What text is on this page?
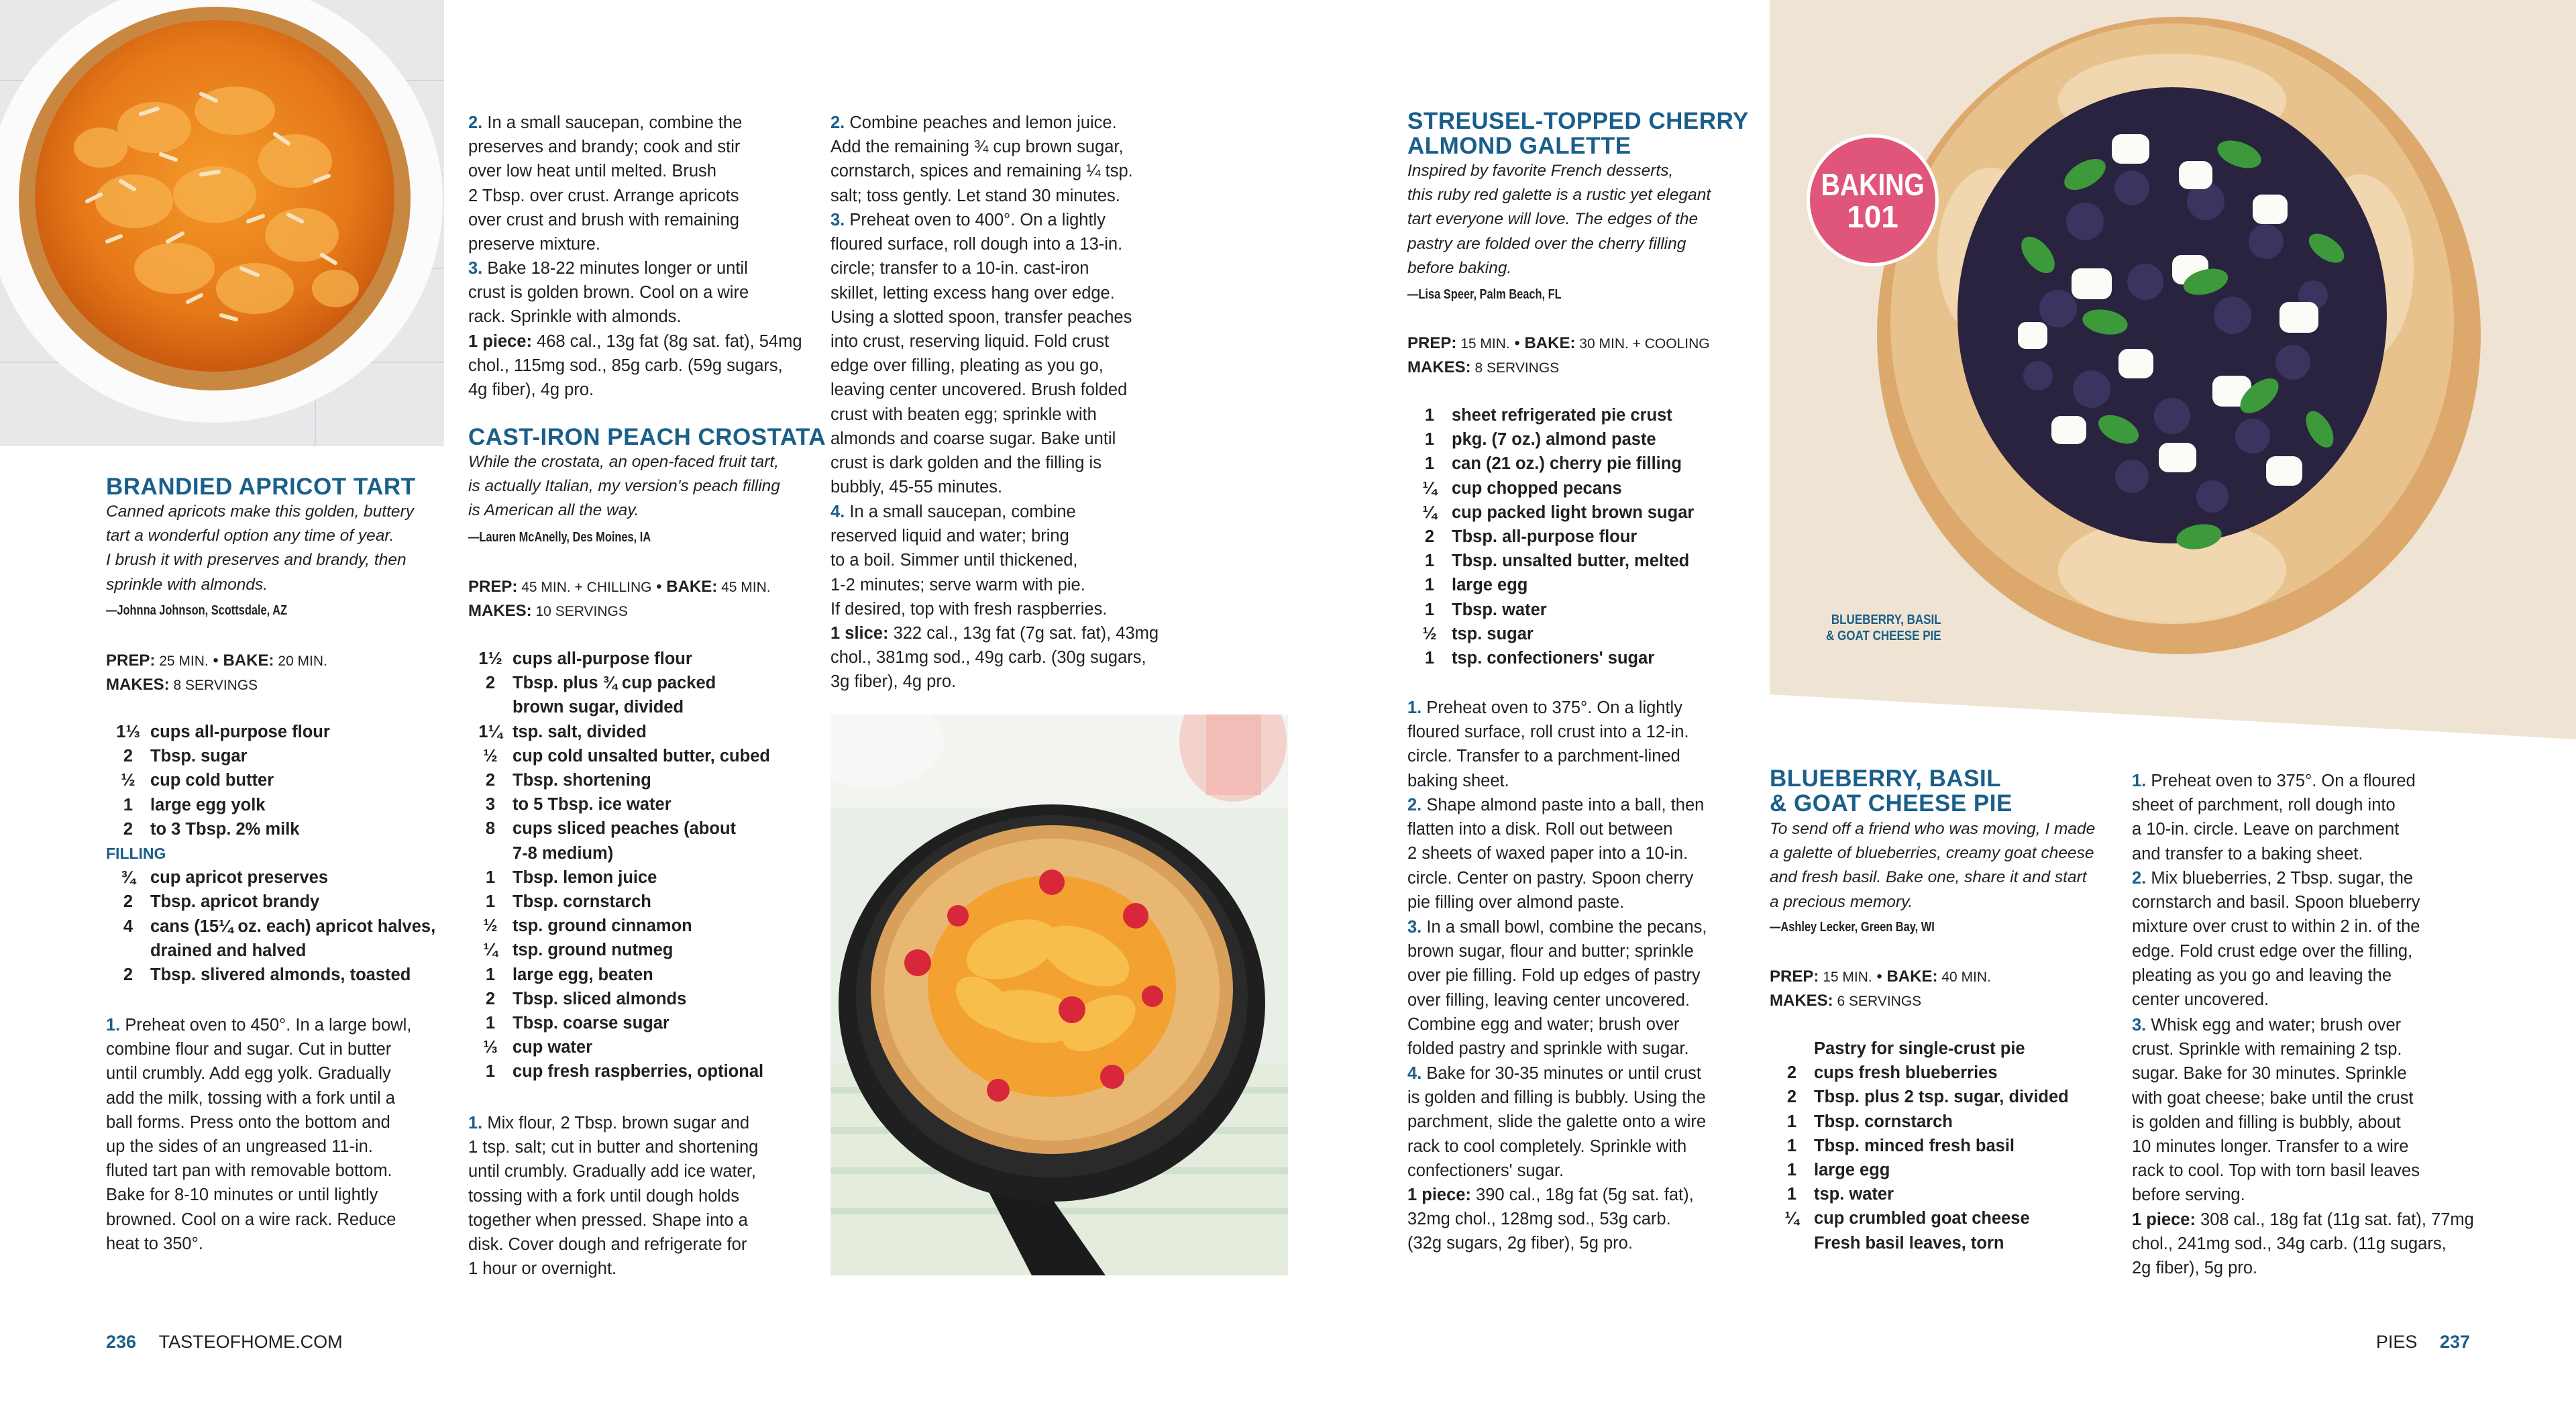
BRANDIED APRICOT TART
Canned apricots make this golden, buttery
tart a wonderful option any time of year.
I brush it with preserves and brandy, then
sprinkle with almonds.
—Johnna Johnson, Scottsdale, AZ
PREP: 25 MIN. • BAKE: 20 MIN.
MAKES: 8 SERVINGS
1⅓ cups all-purpose flour
2	Tbsp. sugar
½ cup cold butter
1	large egg yolk
2	to 3 Tbsp. 2% milk
FILLING
¾ cup apricot preserves
2	Tbsp. apricot brandy
4	cans (15¼ oz. each) apricot halves,
drained and halved
2	Tbsp. slivered almonds, toasted
1. Preheat oven to 450°. In a large bowl,
combine flour and sugar. Cut in butter
until crumbly. Add egg yolk. Gradually
add the milk, tossing with a fork until a
ball forms. Press onto the bottom and
up the sides of an ungreased 11-in.
fluted tart pan with removable bottom.
Bake for 8-10 minutes or until lightly
browned. Cool on a wire rack. Reduce
heat to 350°.
2. In a small saucepan, combine the
preserves and brandy; cook and stir
over low heat until melted. Brush
2 Tbsp. over crust. Arrange apricots
over crust and brush with remaining
preserve mixture.
3. Bake 18-22 minutes longer or until
crust is golden brown. Cool on a wire
rack. Sprinkle with almonds.
1 piece: 468 cal., 13g fat (8g sat. fat), 54mg
chol., 115mg sod., 85g carb. (59g sugars,
4g fiber), 4g pro.
CAST-IRON PEACH CROSTATA
While the crostata, an open-faced fruit tart,
is actually Italian, my version's peach filling
is American all the way.
—Lauren McAnelly, Des Moines, IA
PREP: 45 MIN. + CHILLING • BAKE: 45 MIN.
MAKES: 10 SERVINGS
1½ cups all-purpose flour
2	Tbsp. plus ¾ cup packed
brown sugar, divided
1¼ tsp. salt, divided
½ cup cold unsalted butter, cubed
2	Tbsp. shortening
3	to 5 Tbsp. ice water
8	cups sliced peaches (about
7-8 medium)
1	Tbsp. lemon juice
1	Tbsp. cornstarch
½ tsp. ground cinnamon
¼ tsp. ground nutmeg
1	large egg, beaten
2	Tbsp. sliced almonds
1	Tbsp. coarse sugar
⅓ cup water
1	cup fresh raspberries, optional
1. Mix flour, 2 Tbsp. brown sugar and
1 tsp. salt; cut in butter and shortening
until crumbly. Gradually add ice water,
tossing with a fork until dough holds
together when pressed. Shape into a
disk. Cover dough and refrigerate for
1 hour or overnight.
2. Combine peaches and lemon juice.
Add the remaining ¾ cup brown sugar,
cornstarch, spices and remaining ¼ tsp.
salt; toss gently. Let stand 30 minutes.
3. Preheat oven to 400°. On a lightly
floured surface, roll dough into a 13-in.
circle; transfer to a 10-in. cast-iron
skillet, letting excess hang over edge.
Using a slotted spoon, transfer peaches
into crust, reserving liquid. Fold crust
edge over filling, pleating as you go,
leaving center uncovered. Brush folded
crust with beaten egg; sprinkle with
almonds and coarse sugar. Bake until
crust is dark golden and the filling is
bubbly, 45-55 minutes.
4. In a small saucepan, combine
reserved liquid and water; bring
to a boil. Simmer until thickened,
1-2 minutes; serve warm with pie.
If desired, top with fresh raspberries.
1 slice: 322 cal., 13g fat (7g sat. fat), 43mg
chol., 381mg sod., 49g carb. (30g sugars,
3g fiber), 4g pro.
STREUSEL-TOPPED CHERRY
ALMOND GALETTE
Inspired by favorite French desserts,
this ruby red galette is a rustic yet elegant
tart everyone will love. The edges of the
pastry are folded over the cherry filling
before baking.
—Lisa Speer, Palm Beach, FL
PREP: 15 MIN. • BAKE: 30 MIN. + COOLING
MAKES: 8 SERVINGS
1	sheet refrigerated pie crust
1	pkg. (7 oz.) almond paste
1	can (21 oz.) cherry pie filling
¼ cup chopped pecans
¼ cup packed light brown sugar
2	Tbsp. all-purpose flour
1	Tbsp. unsalted butter, melted
1	large egg
1	Tbsp. water
½ tsp. sugar
1	tsp. confectioners' sugar
1. Preheat oven to 375°. On a lightly
floured surface, roll crust into a 12-in.
circle. Transfer to a parchment-lined
baking sheet.
2. Shape almond paste into a ball, then
flatten into a disk. Roll out between
2 sheets of waxed paper into a 10-in.
circle. Center on pastry. Spoon cherry
pie filling over almond paste.
3. In a small bowl, combine the pecans,
brown sugar, flour and butter; sprinkle
over pie filling. Fold up edges of pastry
over filling, leaving center uncovered.
Combine egg and water; brush over
folded pastry and sprinkle with sugar.
4. Bake for 30-35 minutes or until crust
is golden and filling is bubbly. Using the
parchment, slide the galette onto a wire
rack to cool completely. Sprinkle with
confectioners' sugar.
1 piece: 390 cal., 18g fat (5g sat. fat),
32mg chol., 128mg sod., 53g carb.
(32g sugars, 2g fiber), 5g pro.
BAKING
101
BLUEBERRY, BASIL
& GOAT CHEESE PIE
BLUEBERRY, BASIL
& GOAT CHEESE PIE
To send off a friend who was moving, I made
a galette of blueberries, creamy goat cheese
and fresh basil. Bake one, share it and start
a precious memory.
—Ashley Lecker, Green Bay, WI
PREP: 15 MIN. • BAKE: 40 MIN.
MAKES: 6 SERVINGS
Pastry for single-crust pie
2	cups fresh blueberries
2	Tbsp. plus 2 tsp. sugar, divided
1	Tbsp. cornstarch
1	Tbsp. minced fresh basil
1	large egg
1	tsp. water
¼ cup crumbled goat cheese
Fresh basil leaves, torn
1. Preheat oven to 375°. On a floured
sheet of parchment, roll dough into
a 10-in. circle. Leave on parchment
and transfer to a baking sheet.
2. Mix blueberries, 2 Tbsp. sugar, the
cornstarch and basil. Spoon blueberry
mixture over crust to within 2 in. of the
edge. Fold crust edge over the filling,
pleating as you go and leaving the
center uncovered.
3. Whisk egg and water; brush over
crust. Sprinkle with remaining 2 tsp.
sugar. Bake for 30 minutes. Sprinkle
with goat cheese; bake until the crust
is golden and filling is bubbly, about
10 minutes longer. Transfer to a wire
rack to cool. Top with torn basil leaves
before serving.
1 piece: 308 cal., 18g fat (11g sat. fat), 77mg
chol., 241mg sod., 34g carb. (11g sugars,
2g fiber), 5g pro.
236 TASTEOFHOME.COM	PIES 237
